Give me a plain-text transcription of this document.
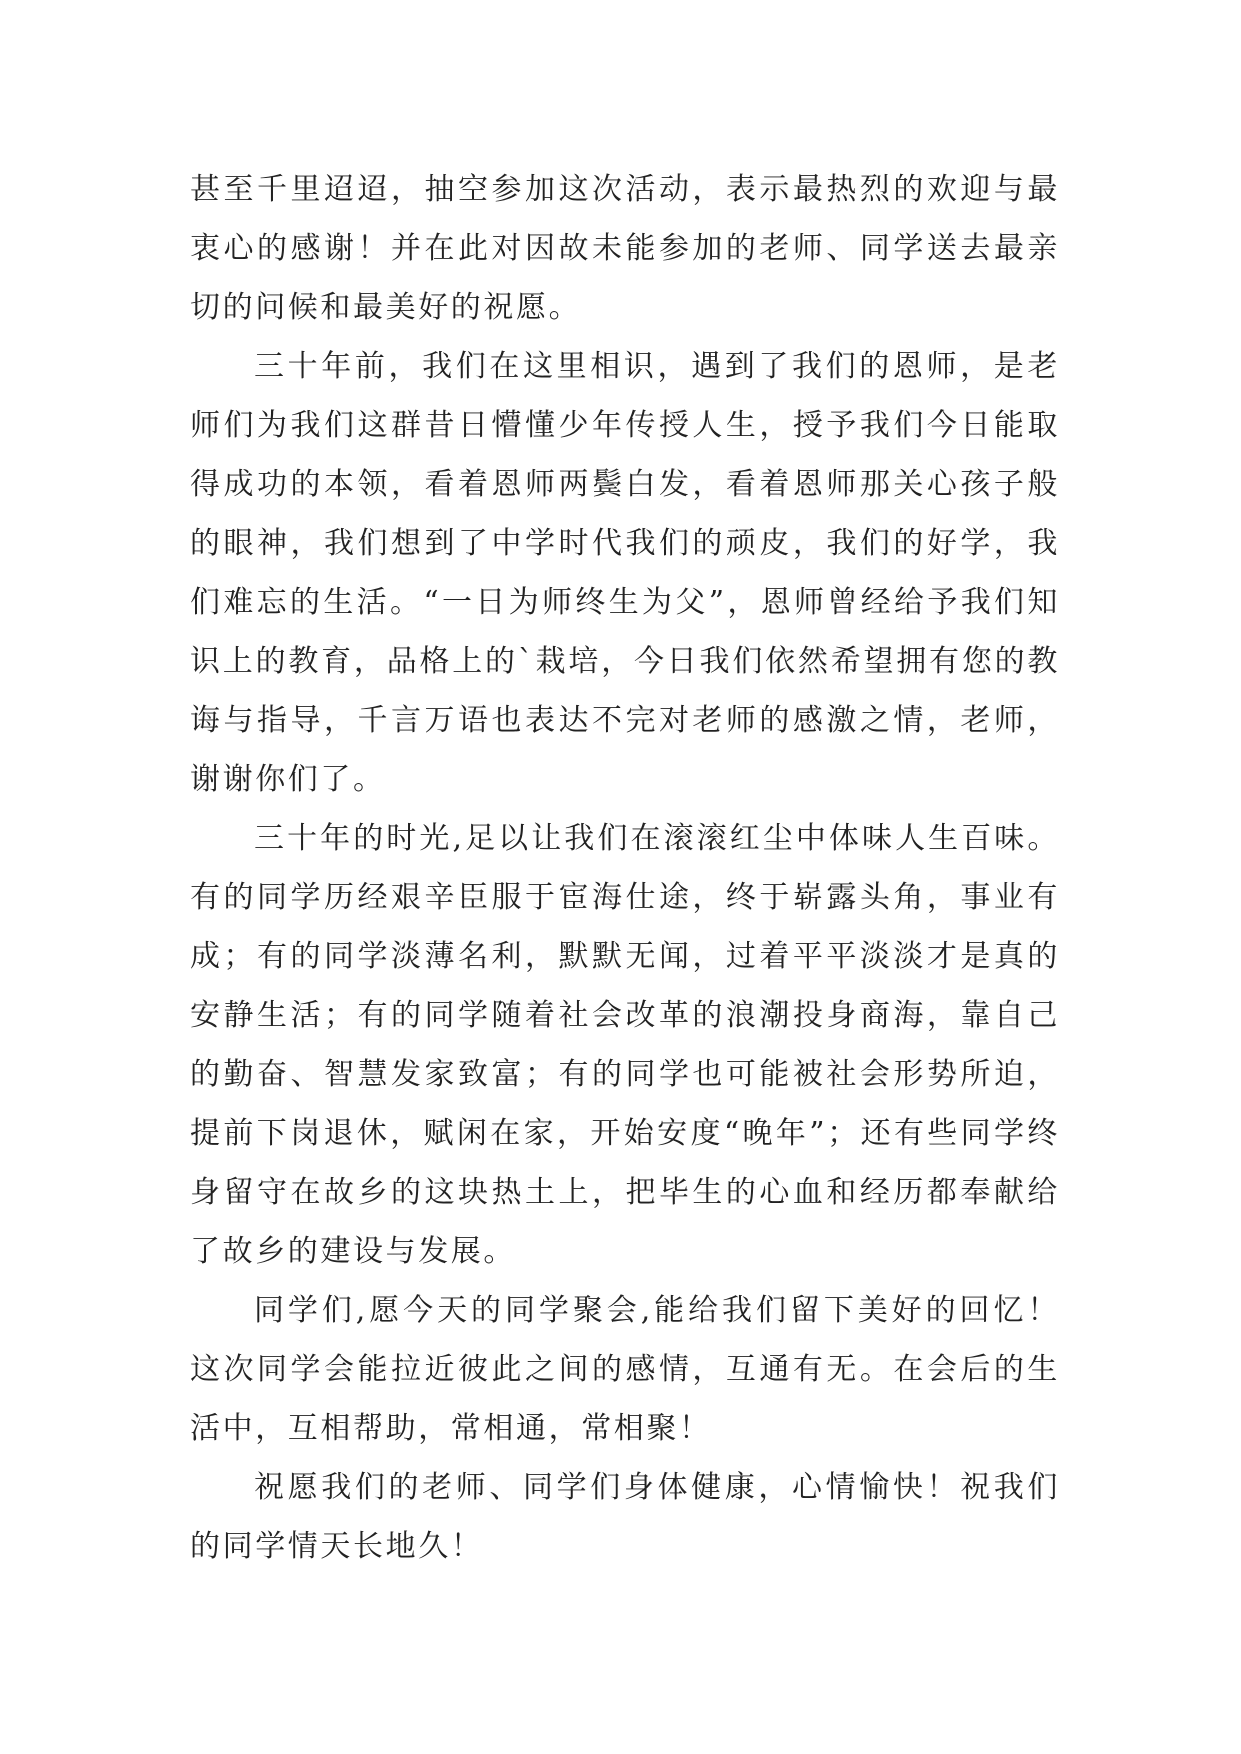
甚至千里迢迢，抽空参加这次活动，表示最热烈的欢迎与最衷心的感谢！并在此对因故未能参加的老师、同学送去最亲切的问候和最美好的祝愿。

三十年前，我们在这里相识，遇到了我们的恩师，是老师们为我们这群昔日懵懂少年传授人生，授予我们今日能取得成功的本领，看着恩师两鬓白发，看着恩师那关心孩子般的眼神，我们想到了中学时代我们的顽皮，我们的好学，我们难忘的生活。“一日为师终生为父”，恩师曾经给予我们知识上的教育，品格上的`栽培，今日我们依然希望拥有您的教诲与指导，千言万语也表达不完对老师的感激之情，老师，谢谢你们了。

三十年的时光,足以让我们在滚滚红尘中体味人生百味。有的同学历经艰辛臣服于宦海仕途，终于崭露头角，事业有成；有的同学淡薄名利，默默无闻，过着平平淡淡才是真的安静生活；有的同学随着社会改革的浪潮投身商海，靠自己的勤奋、智慧发家致富；有的同学也可能被社会形势所迫，提前下岗退休，赋闲在家，开始安度“晚年”；还有些同学终身留守在故乡的这块热土上，把毕生的心血和经历都奉献给了故乡的建设与发展。

同学们,愿今天的同学聚会,能给我们留下美好的回忆！这次同学会能拉近彼此之间的感情，互通有无。在会后的生活中，互相帮助，常相通，常相聚！

祝愿我们的老师、同学们身体健康，心情愉快！祝我们的同学情天长地久！
